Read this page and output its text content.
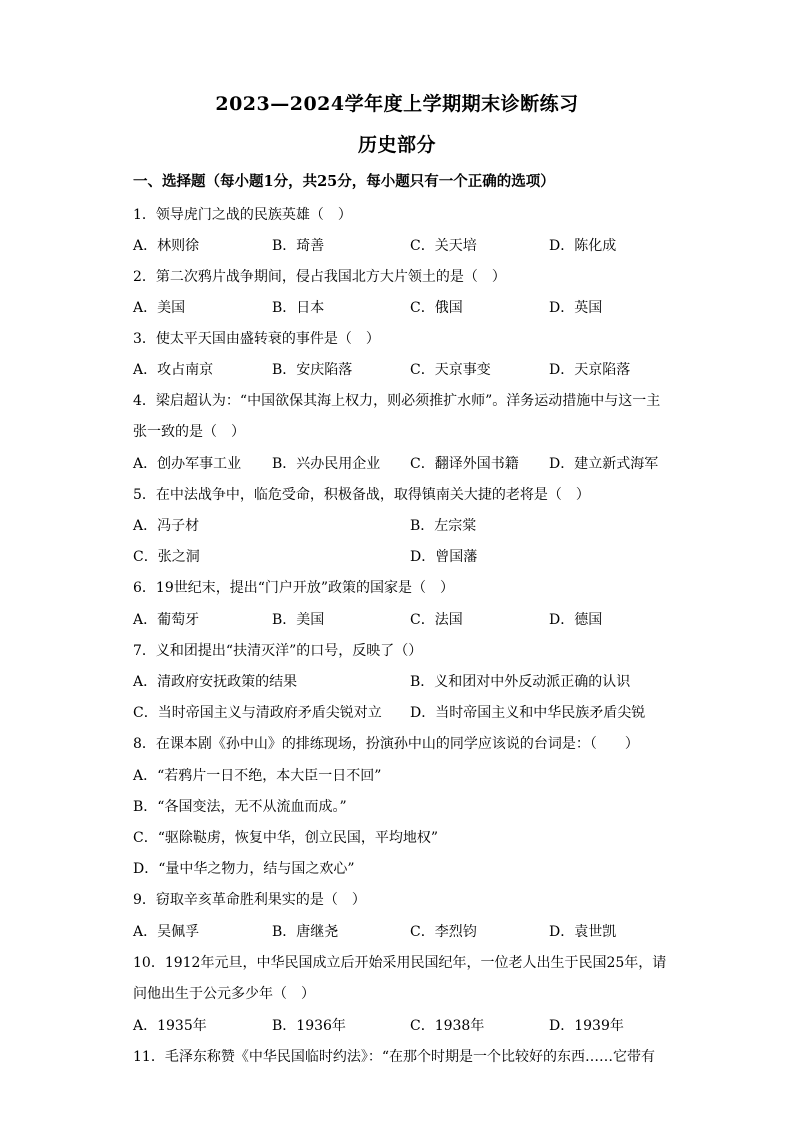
2023—2024学年度上学期期末诊断练习
历史部分
一、选择题（每小题1分，共25分，每小题只有一个正确的选项）
1．领导虎门之战的民族英雄（　）
A．林则徐	B．琦善	C．关天培	D．陈化成
2．第二次鸦片战争期间，侵占我国北方大片领土的是（　）
A．美国	B．日本	C．俄国	D．英国
3．使太平天国由盛转衰的事件是（　）
A．攻占南京	B．安庆陷落	C．天京事变	D．天京陷落
4．梁启超认为：“中国欲保其海上权力，则必须推扩水师”。洋务运动措施中与这一主
张一致的是（　）
A．创办军事工业 B．兴办民用企业 C．翻译外国书籍 D．建立新式海军
5．在中法战争中，临危受命，积极备战，取得镇南关大捷的老将是（　）
A．冯子材	B．左宗棠
C．张之洞	D．曾国藩
6．19世纪末，提出“门户开放”政策的国家是（　）
A．葡萄牙	B．美国	C．法国	D．德国
7．义和团提出“扶清灭洋”的口号，反映了（）
A．清政府安抚政策的结果	B．义和团对中外反动派正确的认识
C．当时帝国主义与清政府矛盾尖锐对立 D．当时帝国主义和中华民族矛盾尖锐
8．在课本剧《孙中山》的排练现场，扮演孙中山的同学应该说的台词是：（　　）
A．“若鸦片一日不绝，本大臣一日不回”
B．“各国变法，无不从流血而成。”
C．“驱除鞑虏，恢复中华，创立民国，平均地权”
D．“量中华之物力，结与国之欢心”
9．窃取辛亥革命胜利果实的是（　）
A．吴佩孚	B．唐继尧	C．李烈钧	D．袁世凯
10．1912年元旦，中华民国成立后开始采用民国纪年，一位老人出生于民国25年，请
问他出生于公元多少年（　）
A．1935年	B．1936年	C．1938年	D．1939年
11．毛泽东称赞《中华民国临时约法》：“在那个时期是一个比较好的东西……它带有
